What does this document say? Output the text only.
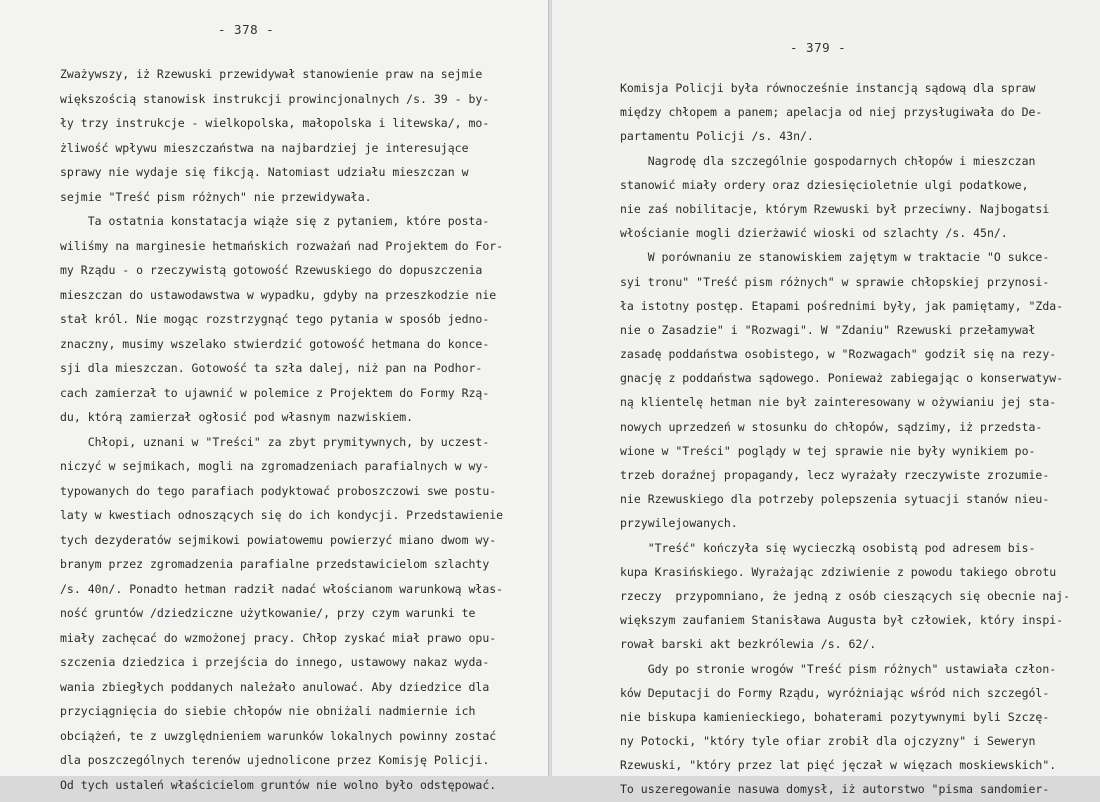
- 378 -
Zważywszy, iż Rzewuski przewidywał stanowienie praw na sejmie
większością stanowisk instrukcji prowincjonalnych /s. 39 - by-
ły trzy instrukcje - wielkopolska, małopolska i litewska/, mo-
żliwość wpływu mieszczaństwa na najbardziej je interesujące
sprawy nie wydaje się fikcją. Natomiast udziału mieszczan w
sejmie "Treść pism różnych" nie przewidywała.
Ta ostatnia konstatacja wiąże się z pytaniem, które posta-
wiliśmy na marginesie hetmańskich rozważań nad Projektem do For-
my Rządu - o rzeczywistą gotowość Rzewuskiego do dopuszczenia
mieszczan do ustawodawstwa w wypadku, gdyby na przeszkodzie nie
stał król. Nie mogąc rozstrzygnąć tego pytania w sposób jedno-
znaczny, musimy wszelako stwierdzić gotowość hetmana do konce-
sji dla mieszczan. Gotowość ta szła dalej, niż pan na Podhor-
cach zamierzał to ujawnić w polemice z Projektem do Formy Rzą-
du, którą zamierzał ogłosić pod własnym nazwiskiem.
Chłopi, uznani w "Treści" za zbyt prymitywnych, by uczest-
niczyć w sejmikach, mogli na zgromadzeniach parafialnych w wy-
typowanych do tego parafiach podyktować proboszczowi swe postu-
laty w kwestiach odnoszących się do ich kondycji. Przedstawienie
tych dezyderatów sejmikowi powiatowemu powierzyć miano dwom wy-
branym przez zgromadzenia parafialne przedstawicielom szlachty
/s. 40n/. Ponadto hetman radził nadać włościanom warunkową włas-
ność gruntów /dziedziczne użytkowanie/, przy czym warunki te
miały zachęcać do wzmożonej pracy. Chłop zyskać miał prawo opu-
szczenia dziedzica i przejścia do innego, ustawowy nakaz wyda-
wania zbiegłych poddanych należało anulować. Aby dziedzice dla
przyciągnięcia do siebie chłopów nie obniżali nadmiernie ich
obciążeń, te z uwzględnieniem warunków lokalnych powinny zostać
dla poszczególnych terenów ujednolicone przez Komisję Policji.
Od tych ustaleń właścicielom gruntów nie wolno było odstępować.
- 379 -
Komisja Policji była równocześnie instancją sądową dla spraw
między chłopem a panem; apelacja od niej przysługiwała do De-
partamentu Policji /s. 43n/.
Nagrodę dla szczególnie gospodarnych chłopów i mieszczan
stanowić miały ordery oraz dziesięcioletnie ulgi podatkowe,
nie zaś nobilitacje, którym Rzewuski był przeciwny. Najbogatsi
włościanie mogli dzierżawić wioski od szlachty /s. 45n/.
W porównaniu ze stanowiskiem zajętym w traktacie "O sukce-
syi tronu" "Treść pism różnych" w sprawie chłopskiej przynosi-
ła istotny postęp. Etapami pośrednimi były, jak pamiętamy, "Zda-
nie o Zasadzie" i "Rozwagi". W "Zdaniu" Rzewuski przełamywał
zasadę poddaństwa osobistego, w "Rozwagach" godził się na rezy-
gnację z poddaństwa sądowego. Ponieważ zabiegając o konserwatyw-
ną klientelę hetman nie był zainteresowany w ożywianiu jej sta-
nowych uprzedzeń w stosunku do chłopów, sądzimy, iż przedsta-
wione w "Treści" poglądy w tej sprawie nie były wynikiem po-
trzeb doraźnej propagandy, lecz wyrażały rzeczywiste zrozumie-
nie Rzewuskiego dla potrzeby polepszenia sytuacji stanów nieu-
przywilejowanych.
"Treść" kończyła się wycieczką osobistą pod adresem bis-
kupa Krasińskiego. Wyrażając zdziwienie z powodu takiego obrotu
rzeczy  przypomniano, że jedną z osób cieszących się obecnie naj-
większym zaufaniem Stanisława Augusta był człowiek, który inspi-
rował barski akt bezkrólewia /s. 62/.
Gdy po stronie wrogów "Treść pism różnych" ustawiała człon-
ków Deputacji do Formy Rządu, wyróżniając wśród nich szczegól-
nie biskupa kamienieckiego, bohaterami pozytywnymi byli Szczę-
ny Potocki, "który tyle ofiar zrobił dla ojczyzny" i Seweryn
Rzewuski, "który przez lat pięć jęczał w więzach moskiewskich".
To uszeregowanie nasuwa domysł, iż autorstwo "pisma sandomier-
